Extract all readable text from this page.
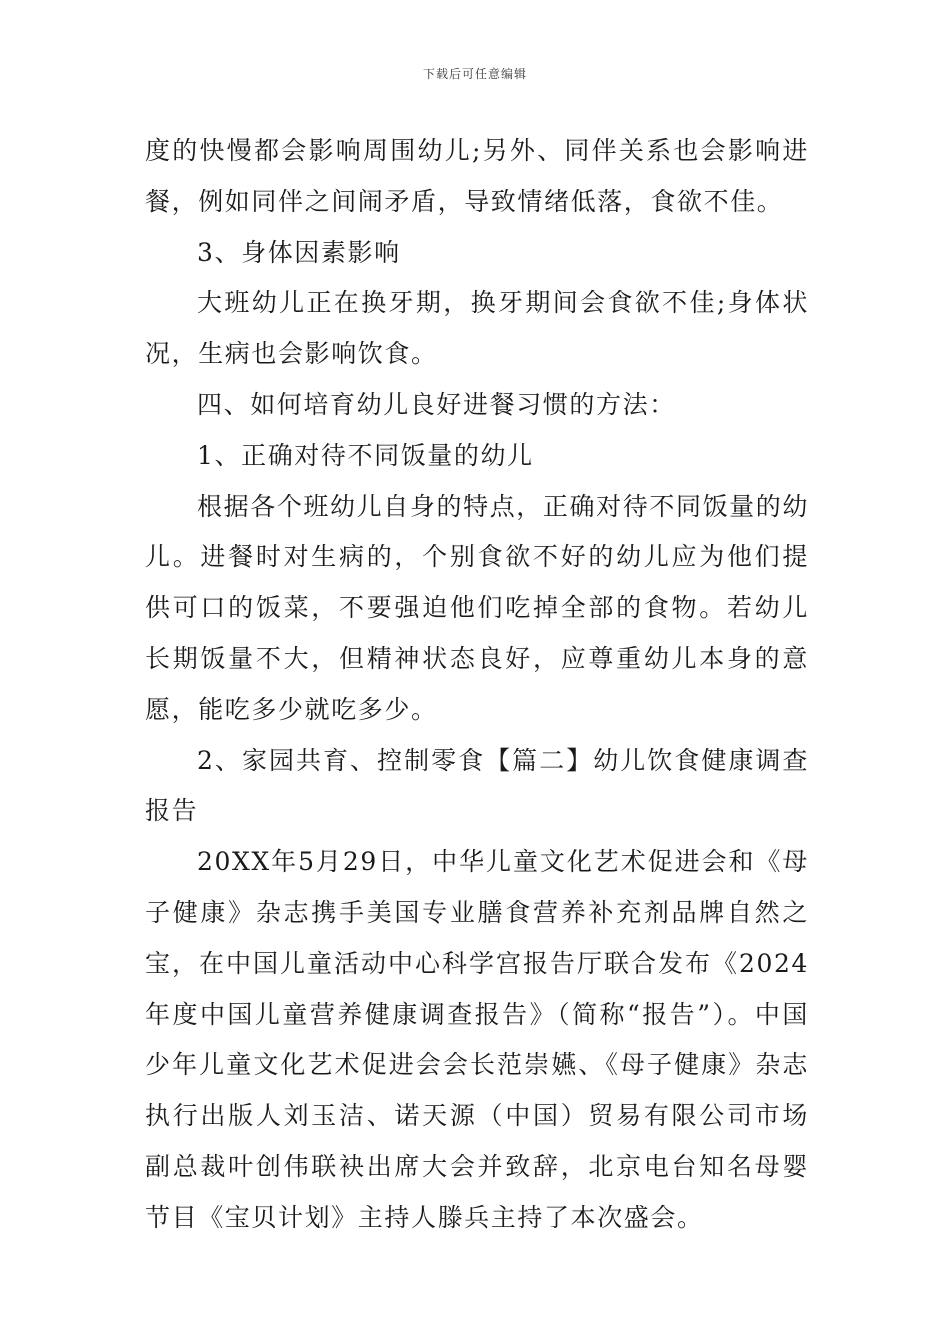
下载后可任意编辑

度的快慢都会影响周围幼儿;另外、同伴关系也会影响进餐，例如同伴之间闹矛盾，导致情绪低落，食欲不佳。

3、身体因素影响

大班幼儿正在换牙期，换牙期间会食欲不佳;身体状况，生病也会影响饮食。

四、如何培育幼儿良好进餐习惯的方法：

1、正确对待不同饭量的幼儿

根据各个班幼儿自身的特点，正确对待不同饭量的幼儿。进餐时对生病的，个别食欲不好的幼儿应为他们提供可口的饭菜，不要强迫他们吃掉全部的食物。若幼儿长期饭量不大，但精神状态良好，应尊重幼儿本身的意愿，能吃多少就吃多少。

2、家园共育、控制零食【篇二】幼儿饮食健康调查报告

20XX年5月29日，中华儿童文化艺术促进会和《母子健康》杂志携手美国专业膳食营养补充剂品牌自然之宝，在中国儿童活动中心科学宫报告厅联合发布《2024年度中国儿童营养健康调查报告》（简称“报告”）。中国少年儿童文化艺术促进会会长范崇嬿、《母子健康》杂志执行出版人刘玉洁、诺天源（中国）贸易有限公司市场副总裁叶创伟联袂出席大会并致辞，北京电台知名母婴节目《宝贝计划》主持人滕兵主持了本次盛会。
